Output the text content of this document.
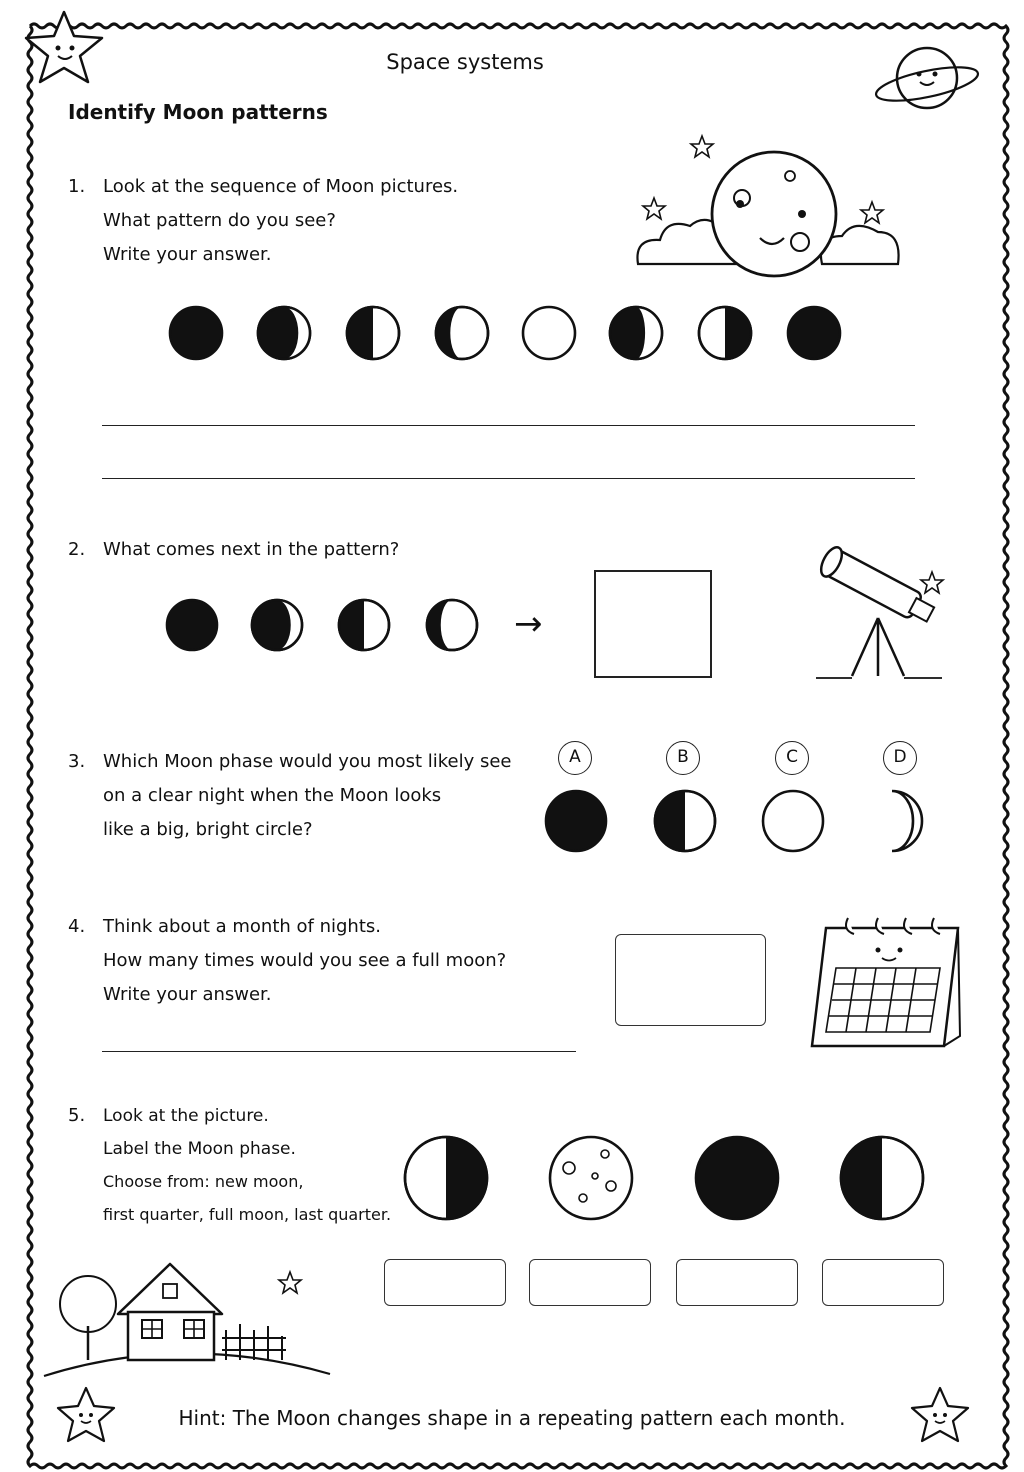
Space systems
Identify Moon patterns
1. Look at the sequence of Moon pictures.
What pattern do you see?
Write your answer.
2. What comes next in the pattern?
→
3. Which Moon phase would you most likely see
on a clear night when the Moon looks
like a big, bright circle?
A	B	C	D
4. Think about a month of nights.
How many times would you see a full moon?
Write your answer.
5. Look at the picture.
Label the Moon phase.
Choose from: new moon,
first quarter, full moon, last quarter.
Hint: The Moon changes shape in a repeating pattern each month.
